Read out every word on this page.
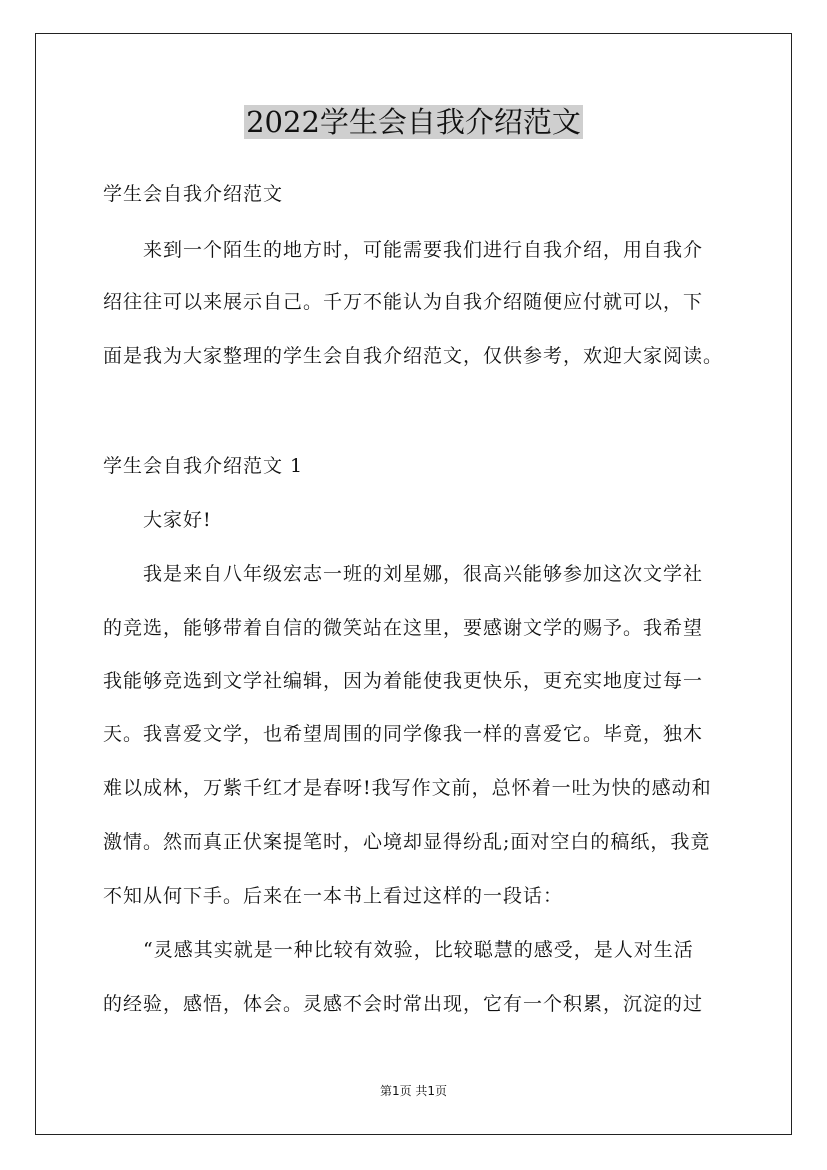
2022学生会自我介绍范文
学生会自我介绍范文
来到一个陌生的地方时，可能需要我们进行自我介绍，用自我介
绍往往可以来展示自己。千万不能认为自我介绍随便应付就可以，下
面是我为大家整理的学生会自我介绍范文，仅供参考，欢迎大家阅读。
学生会自我介绍范文 1
大家好!
我是来自八年级宏志一班的刘星娜，很高兴能够参加这次文学社
的竞选，能够带着自信的微笑站在这里，要感谢文学的赐予。我希望
我能够竞选到文学社编辑，因为着能使我更快乐，更充实地度过每一
天。我喜爱文学，也希望周围的同学像我一样的喜爱它。毕竟，独木
难以成林，万紫千红才是春呀!我写作文前，总怀着一吐为快的感动和
激情。然而真正伏案提笔时，心境却显得纷乱;面对空白的稿纸，我竟
不知从何下手。后来在一本书上看过这样的一段话：
“灵感其实就是一种比较有效验，比较聪慧的感受，是人对生活
的经验，感悟，体会。灵感不会时常出现，它有一个积累，沉淀的过
第1页 共1页
